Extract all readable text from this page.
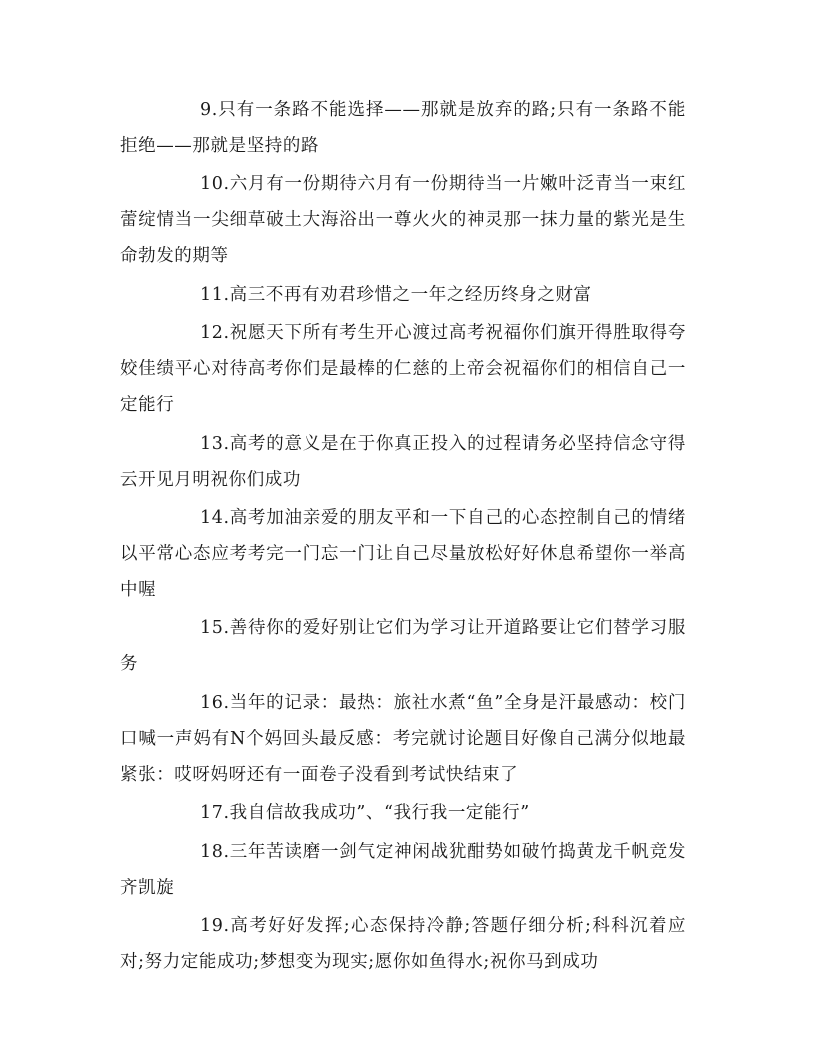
9.只有一条路不能选择——那就是放弃的路;只有一条路不能拒绝——那就是坚持的路

10.六月有一份期待六月有一份期待当一片嫩叶泛青当一束红蕾绽情当一尖细草破土大海浴出一尊火火的神灵那一抹力量的紫光是生命勃发的期等

11.高三不再有劝君珍惜之一年之经历终身之财富

12.祝愿天下所有考生开心渡过高考祝福你们旗开得胜取得夸姣佳绩平心对待高考你们是最棒的仁慈的上帝会祝福你们的相信自己一定能行

13.高考的意义是在于你真正投入的过程请务必坚持信念守得云开见月明祝你们成功

14.高考加油亲爱的朋友平和一下自己的心态控制自己的情绪以平常心态应考考完一门忘一门让自己尽量放松好好休息希望你一举高中喔

15.善待你的爱好别让它们为学习让开道路要让它们替学习服务

16.当年的记录：最热：旅社水煮“鱼”全身是汗最感动：校门口喊一声妈有N个妈回头最反感：考完就讨论题目好像自己满分似地最紧张：哎呀妈呀还有一面卷子没看到考试快结束了

17.我自信故我成功”、“我行我一定能行”

18.三年苦读磨一剑气定神闲战犹酣势如破竹捣黄龙千帆竞发齐凯旋

19.高考好好发挥;心态保持冷静;答题仔细分析;科科沉着应对;努力定能成功;梦想变为现实;愿你如鱼得水;祝你马到成功
